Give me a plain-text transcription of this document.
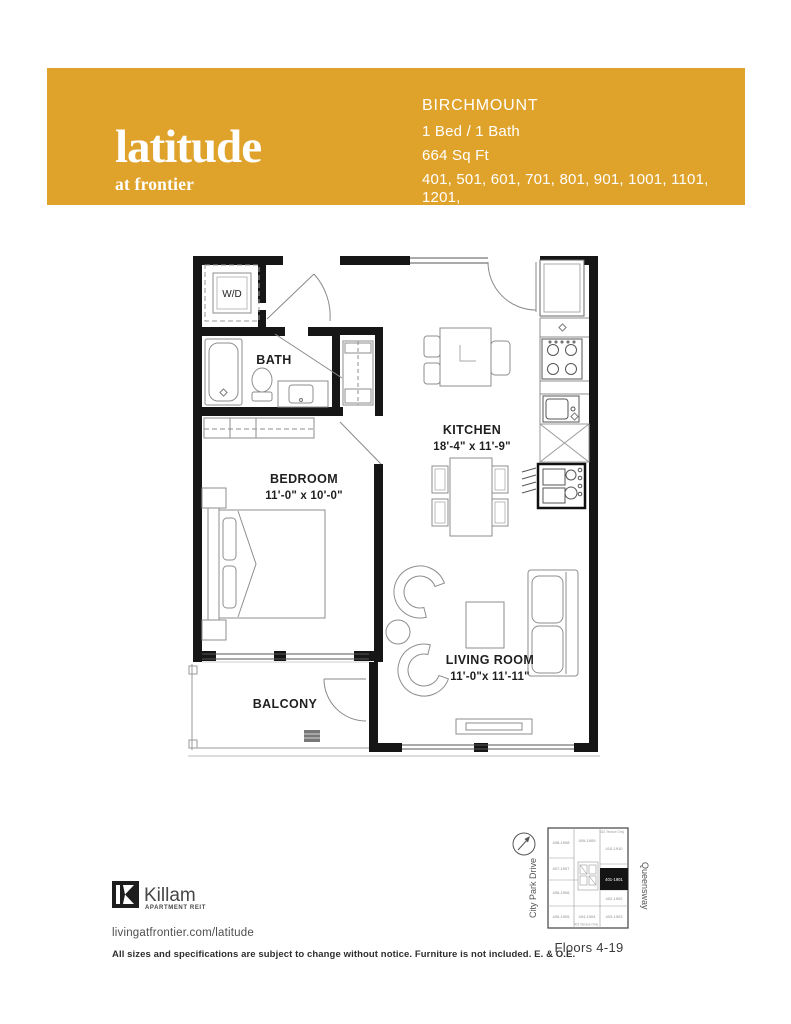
latitude
at frontier
BIRCHMOUNT
1 Bed / 1 Bath
664 Sq Ft
401, 501, 601, 701, 801, 901, 1001, 1101, 1201,
1301, 1401, 1501, 1601, 1701, 1801, 1901
W/D
BATH
BEDROOM
11'-0" x 10'-0"
BALCONY
KITCHEN
18'-4" x 11'-9"
LIVING ROOM
11'-0"x 11'-11"
Killam
APARTMENT REIT
livingatfrontier.com/latitude
All sizes and specifications are subject to change without notice. Furniture is not included. E. & O.E.
City Park Drive	401-1901
408-1908 409-1909
410-1910
407-1907
406-1906
405-1905 404-1904	403-1903
402-1902
410 Terrace Only
403 Terrace Only
Queensway
Floors 4-19
